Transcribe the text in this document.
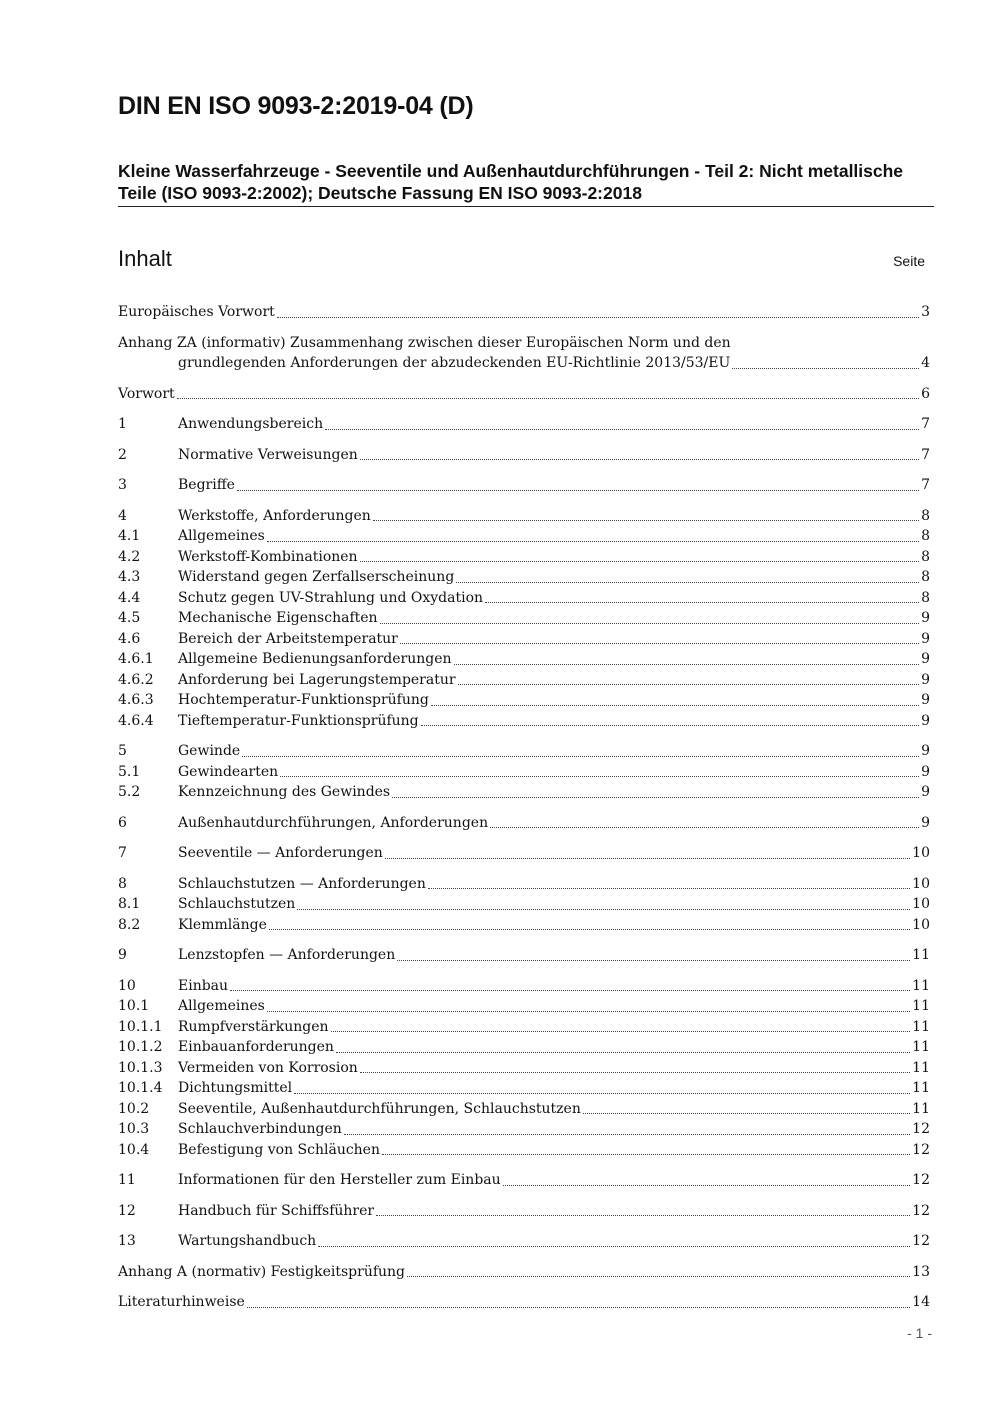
DIN EN ISO 9093-2:2019-04 (D)

Kleine Wasserfahrzeuge - Seeventile und Außenhautdurchführungen - Teil 2: Nicht metallische Teile (ISO 9093-2:2002); Deutsche Fassung EN ISO 9093-2:2018

Inhalt	Seite
Europäisches Vorwort	3
Anhang ZA (informativ) Zusammenhang zwischen dieser Europäischen Norm und den
grundlegenden Anforderungen der abzudeckenden EU-Richtlinie 2013/53/EU	4
Vorwort	6
1	Anwendungsbereich	7
2	Normative Verweisungen	7
3	Begriffe	7
4	Werkstoffe, Anforderungen	8
4.1	Allgemeines	8
4.2	Werkstoff-Kombinationen	8
4.3	Widerstand gegen Zerfallserscheinung	8
4.4	Schutz gegen UV-Strahlung und Oxydation	8
4.5	Mechanische Eigenschaften	9
4.6	Bereich der Arbeitstemperatur	9
4.6.1	Allgemeine Bedienungsanforderungen	9
4.6.2	Anforderung bei Lagerungstemperatur	9
4.6.3	Hochtemperatur-Funktionsprüfung	9
4.6.4	Tieftemperatur-Funktionsprüfung	9
5	Gewinde	9
5.1	Gewindearten	9
5.2	Kennzeichnung des Gewindes	9
6	Außenhautdurchführungen, Anforderungen	9
7	Seeventile — Anforderungen	10
8	Schlauchstutzen — Anforderungen	10
8.1	Schlauchstutzen	10
8.2	Klemmlänge	10
9	Lenzstopfen — Anforderungen	11
10	Einbau	11
10.1	Allgemeines	11
10.1.1	Rumpfverstärkungen	11
10.1.2	Einbauanforderungen	11
10.1.3	Vermeiden von Korrosion	11
10.1.4	Dichtungsmittel	11
10.2	Seeventile, Außenhautdurchführungen, Schlauchstutzen	11
10.3	Schlauchverbindungen	12
10.4	Befestigung von Schläuchen	12
11	Informationen für den Hersteller zum Einbau	12
12	Handbuch für Schiffsführer	12
13	Wartungshandbuch	12
Anhang A (normativ) Festigkeitsprüfung	13
Literaturhinweise	14
- 1 -
